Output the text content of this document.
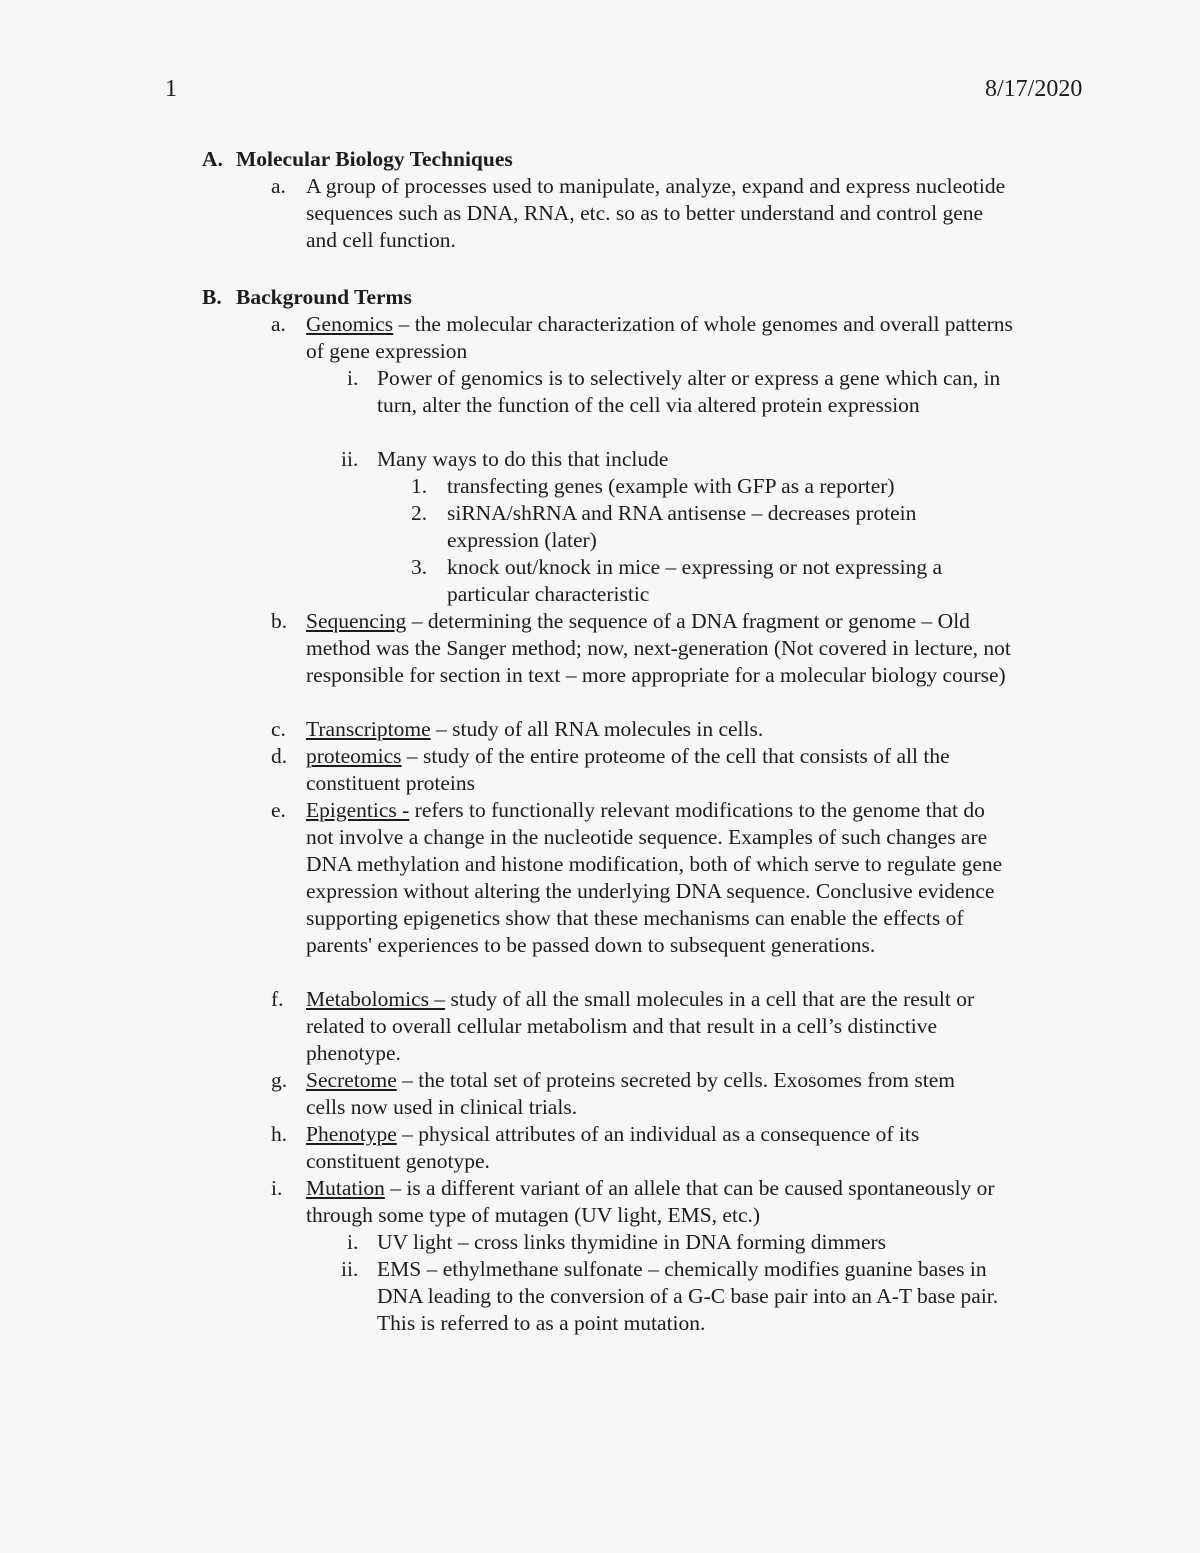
1	8/17/2020
A. Molecular Biology Techniques
a. A group of processes used to manipulate, analyze, expand and express nucleotide sequences such as DNA, RNA, etc. so as to better understand and control gene and cell function.
B. Background Terms
a. Genomics – the molecular characterization of whole genomes and overall patterns of gene expression
i. Power of genomics is to selectively alter or express a gene which can, in turn, alter the function of the cell via altered protein expression
ii. Many ways to do this that include
1. transfecting genes (example with GFP as a reporter)
2. siRNA/shRNA and RNA antisense – decreases protein expression (later)
3. knock out/knock in mice – expressing or not expressing a particular characteristic
b. Sequencing – determining the sequence of a DNA fragment or genome – Old method was the Sanger method; now, next-generation (Not covered in lecture, not responsible for section in text – more appropriate for a molecular biology course)
c. Transcriptome – study of all RNA molecules in cells.
d. proteomics – study of the entire proteome of the cell that consists of all the constituent proteins
e. Epigentics - refers to functionally relevant modifications to the genome that do not involve a change in the nucleotide sequence. Examples of such changes are DNA methylation and histone modification, both of which serve to regulate gene expression without altering the underlying DNA sequence. Conclusive evidence supporting epigenetics show that these mechanisms can enable the effects of parents' experiences to be passed down to subsequent generations.
f. Metabolomics – study of all the small molecules in a cell that are the result or related to overall cellular metabolism and that result in a cell’s distinctive phenotype.
g. Secretome – the total set of proteins secreted by cells. Exosomes from stem cells now used in clinical trials.
h. Phenotype – physical attributes of an individual as a consequence of its constituent genotype.
i. Mutation – is a different variant of an allele that can be caused spontaneously or through some type of mutagen (UV light, EMS, etc.)
i. UV light – cross links thymidine in DNA forming dimmers
ii. EMS – ethylmethane sulfonate – chemically modifies guanine bases in DNA leading to the conversion of a G-C base pair into an A-T base pair. This is referred to as a point mutation.
